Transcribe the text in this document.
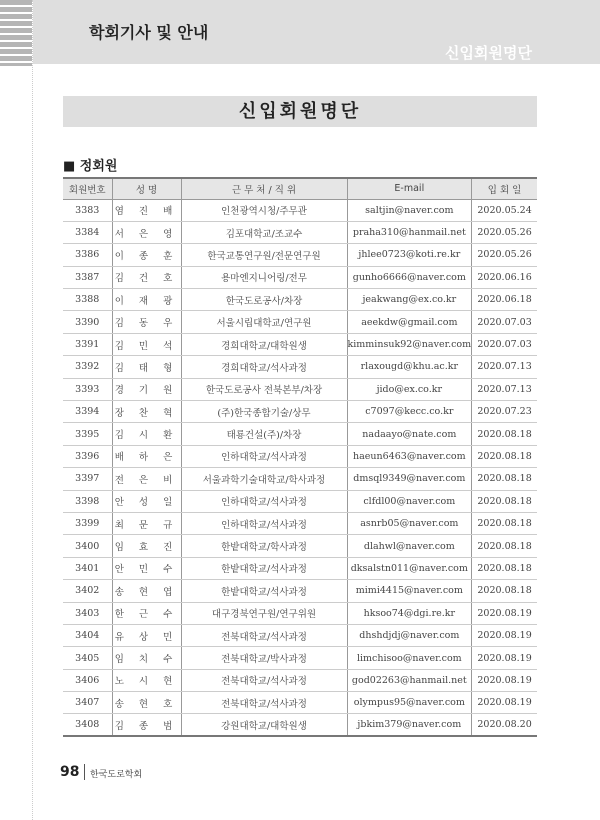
학회기사 및 안내
신입회원명단
신입회원명단
■ 정회원
회원번호	성 명	근 무 처 / 직 위	E-mail	입 회 일
3383	염 진 배	인천광역시청/주무관	saltjin@naver.com	2020.05.24
3384	서 은 영	김포대학교/조교수	praha310@hanmail.net	2020.05.26
3386	이 종 훈	한국교통연구원/전문연구원	jhlee0723@koti.re.kr	2020.05.26
3387	김 건 호	용마엔지니어링/전무	gunho6666@naver.com	2020.06.16
3388	이 재 광	한국도로공사/차장	jeakwang@ex.co.kr	2020.06.18
3390	김 동 우	서울시립대학교/연구원	aeekdw@gmail.com	2020.07.03
3391	김 민 석	경희대학교/대학원생	kimminsuk92@naver.com	2020.07.03
3392	김 태 형	경희대학교/석사과정	rlaxougd@khu.ac.kr	2020.07.13
3393	경 기 원	한국도로공사 전북본부/차장	jido@ex.co.kr	2020.07.13
3394	장 찬 혁	(주)한국종합기술/상무	c7097@kecc.co.kr	2020.07.23
3395	김 시 환	태룡건설(주)/차장	nadaayo@nate.com	2020.08.18
3396	배 하 은	인하대학교/석사과정	haeun6463@naver.com	2020.08.18
3397	전 은 비	서울과학기술대학교/학사과정	dmsql9349@naver.com	2020.08.18
3398	안 성 일	인하대학교/석사과정	clfdl00@naver.com	2020.08.18
3399	최 문 규	인하대학교/석사과정	asnrb05@naver.com	2020.08.18
3400	임 효 진	한밭대학교/학사과정	dlahwl@naver.com	2020.08.18
3401	안 민 수	한밭대학교/석사과정	dksalstn011@naver.com	2020.08.18
3402	송 현 엽	한밭대학교/석사과정	mimi4415@naver.com	2020.08.18
3403	한 근 수	대구경북연구원/연구위원	hksoo74@dgi.re.kr	2020.08.19
3404	유 상 민	전북대학교/석사과정	dhshdjdj@naver.com	2020.08.19
3405	임 치 수	전북대학교/박사과정	limchisoo@naver.com	2020.08.19
3406	노 시 현	전북대학교/석사과정	god02263@hanmail.net	2020.08.19
3407	송 현 호	전북대학교/석사과정	olympus95@naver.com	2020.08.19
3408	김 종 범	강원대학교/대학원생	jbkim379@naver.com	2020.08.20
98 한국도로학회
